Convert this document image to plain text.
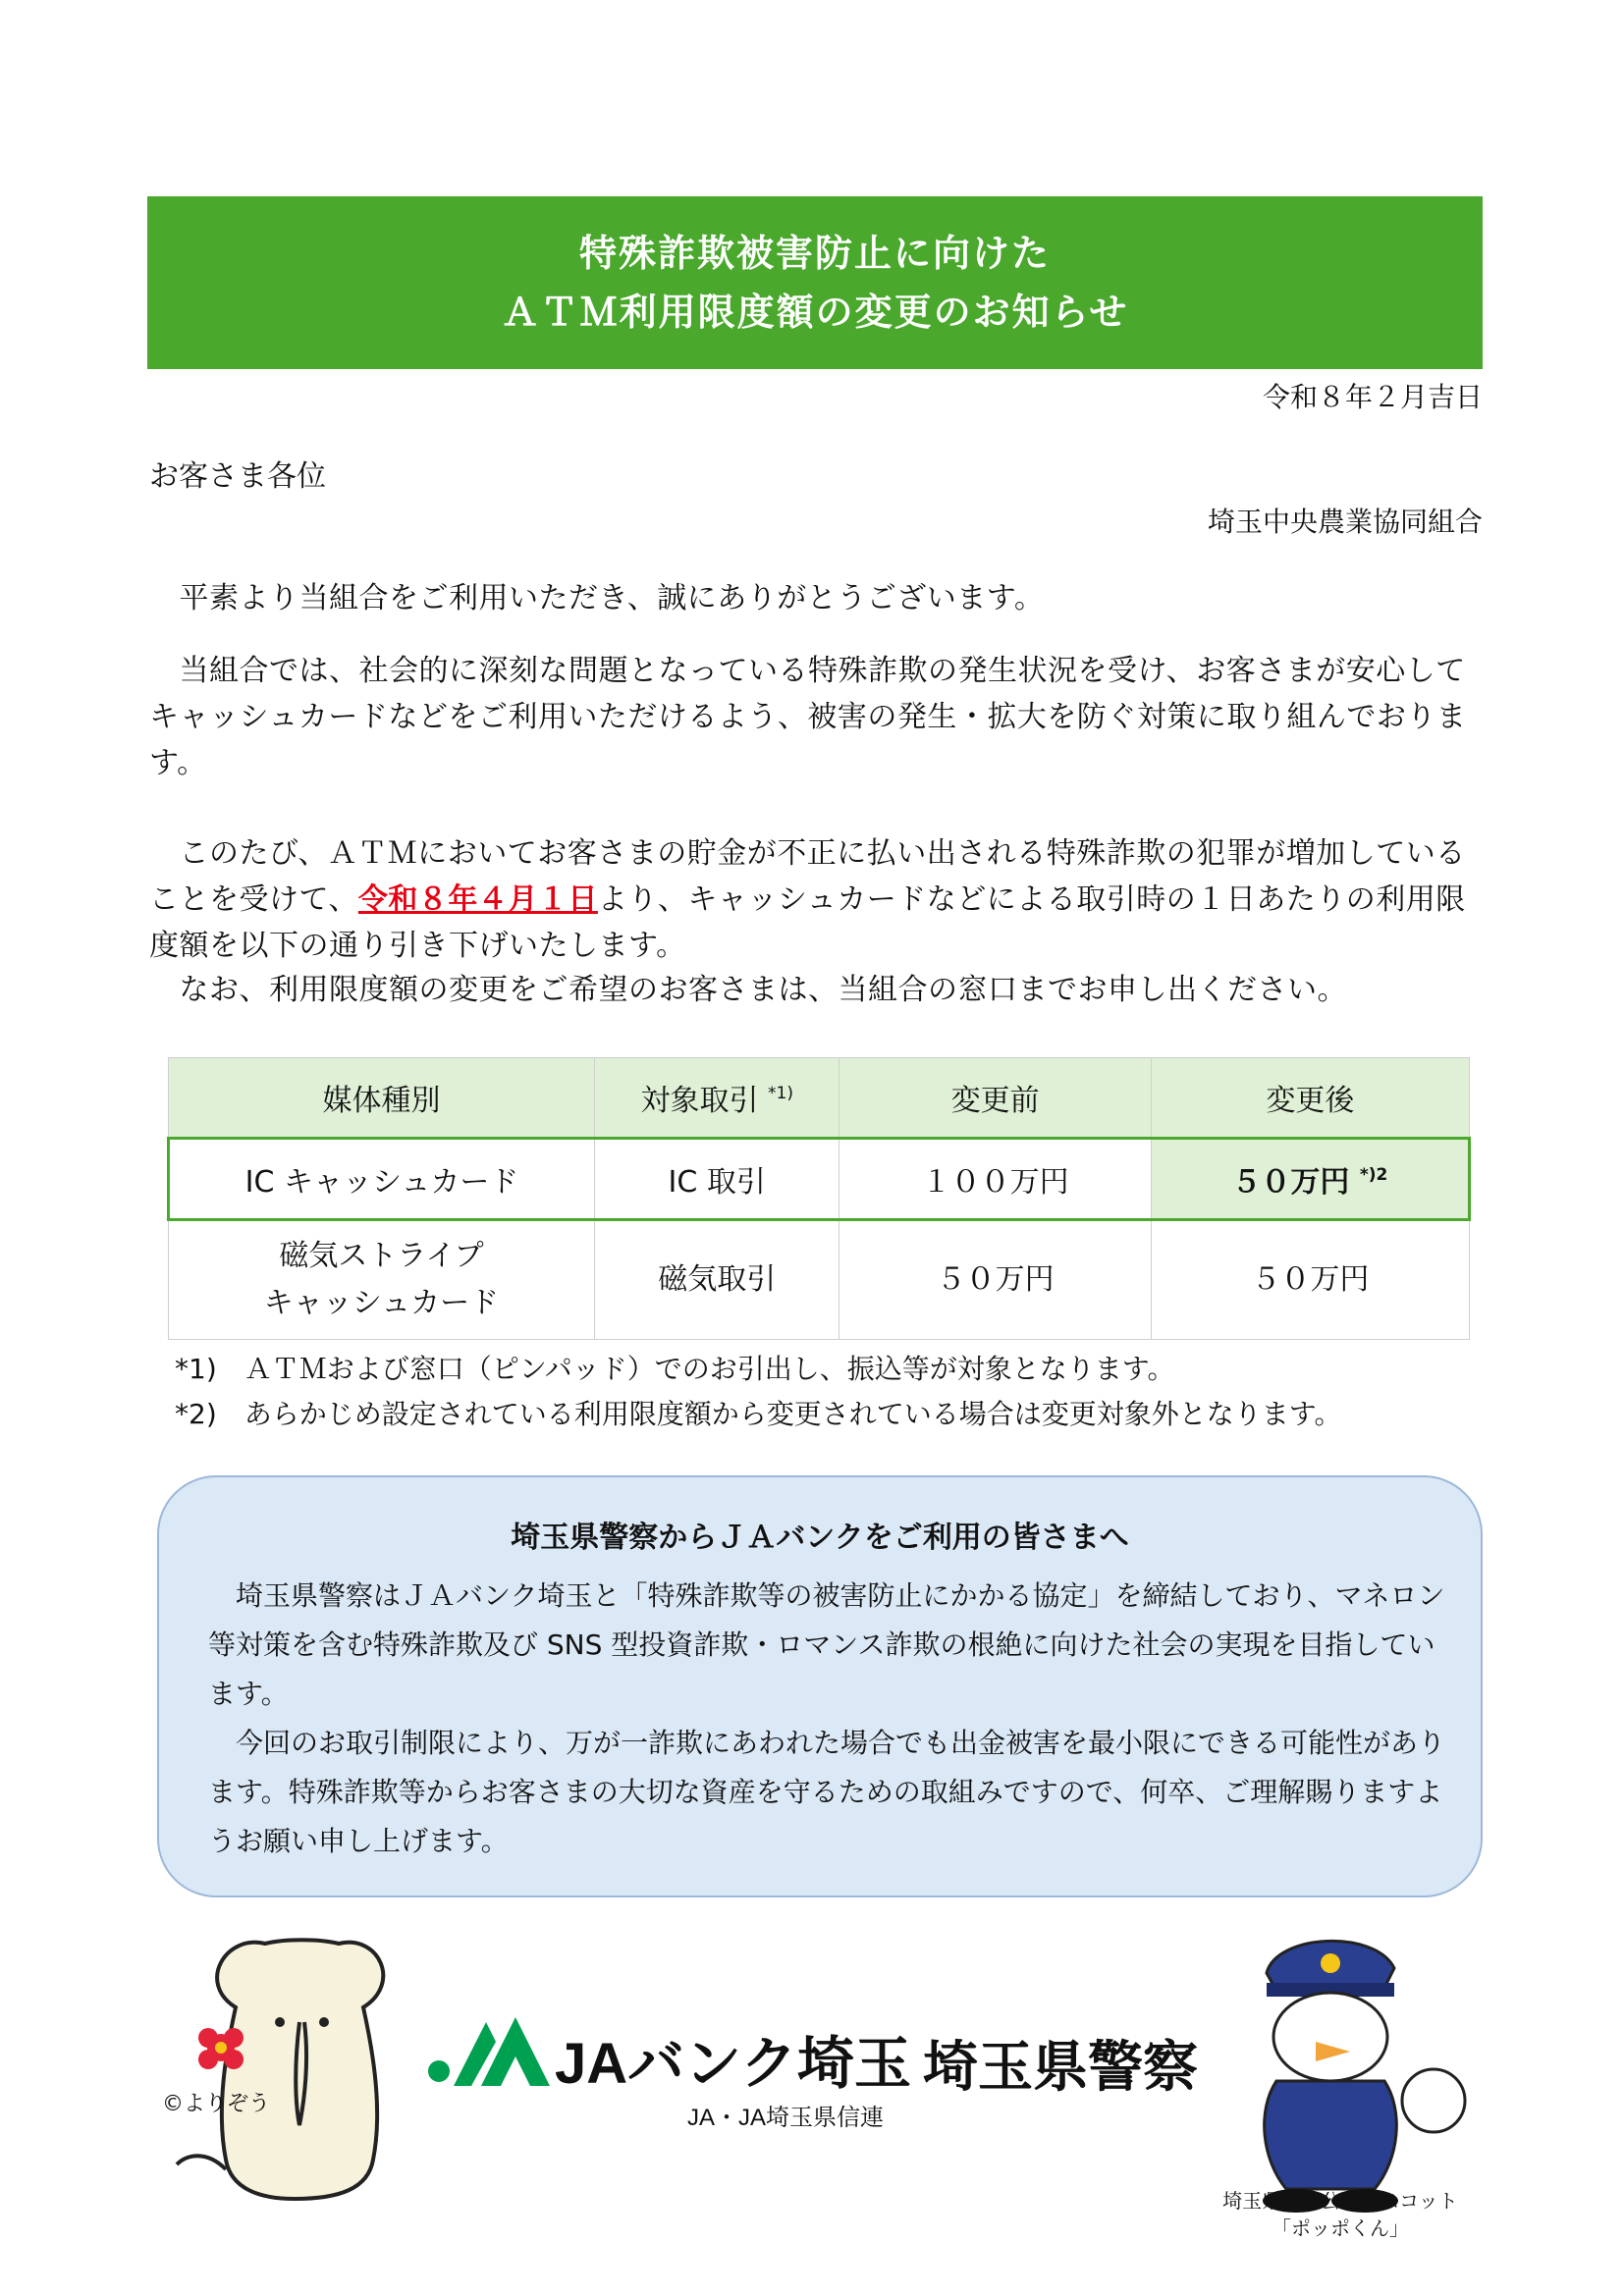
特殊詐欺被害防止に向けた
ＡＴＭ利用限度額の変更のお知らせ
令和８年２月吉日
お客さま各位
埼玉中央農業協同組合
　平素より当組合をご利用いただき、誠にありがとうございます。
　当組合では、社会的に深刻な問題となっている特殊詐欺の発生状況を受け、お客さまが安心してキャッシュカードなどをご利用いただけるよう、被害の発生・拡大を防ぐ対策に取り組んでおります。
　このたび、ＡＴＭにおいてお客さまの貯金が不正に払い出される特殊詐欺の犯罪が増加していることを受けて、令和８年４月１日より、キャッシュカードなどによる取引時の１日あたりの利用限度額を以下の通り引き下げいたします。
　なお、利用限度額の変更をご希望のお客さまは、当組合の窓口までお申し出ください。
媒体種別	対象取引 $^{*1)}$	変更前	変更後
IC キャッシュカード	IC 取引	１００万円	５０万円 $^{*)2}$
磁気ストライプ
キャッシュカード	磁気取引	５０万円	５０万円
*1)　ＡＴＭおよび窓口（ピンパッド）でのお引出し、振込等が対象となります。
*2)　あらかじめ設定されている利用限度額から変更されている場合は変更対象外となります。
埼玉県警察からＪＡバンクをご利用の皆さまへ
　埼玉県警察はＪＡバンク埼玉と「特殊詐欺等の被害防止にかかる協定」を締結しており、マネロン等対策を含む特殊詐欺及び SNS 型投資詐欺・ロマンス詐欺の根絶に向けた社会の実現を目指しています。
　今回のお取引制限により、万が一詐欺にあわれた場合でも出金被害を最小限にできる可能性があります。特殊詐欺等からお客さまの大切な資産を守るための取組みですので、何卒、ご理解賜りますようお願い申し上げます。
JAバンク埼玉
JA・JA埼玉県信連
埼玉県警察
©よりぞう
埼玉県警察公式マスコット
「ポッポくん」
